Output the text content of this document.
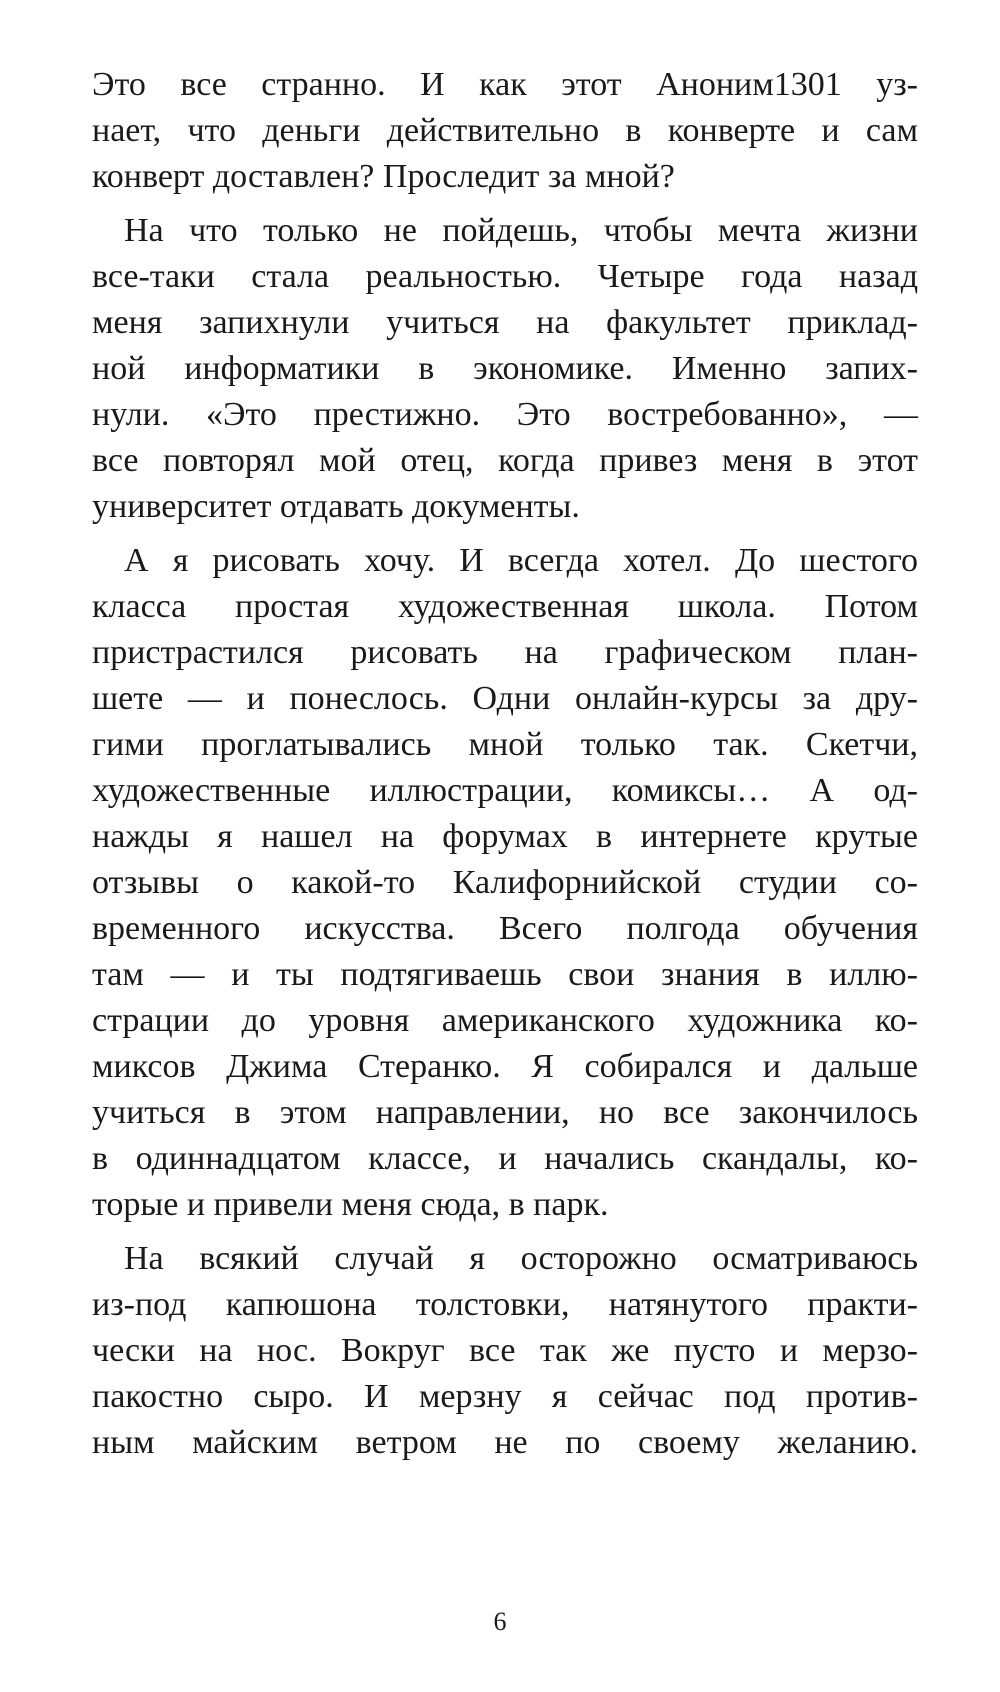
Это все странно. И как этот Аноним1301 уз-
нает, что деньги действительно в конверте и сам
конверт доставлен? Проследит за мной?
На что только не пойдешь, чтобы мечта жизни
все-таки стала реальностью. Четыре года назад
меня запихнули учиться на факультет приклад-
ной информатики в экономике. Именно запих-
нули. «Это престижно. Это востребованно», —
все повторял мой отец, когда привез меня в этот
университет отдавать документы.
А я рисовать хочу. И всегда хотел. До шестого
класса простая художественная школа. Потом
пристрастился рисовать на графическом план-
шете — и понеслось. Одни онлайн-курсы за дру-
гими проглатывались мной только так. Скетчи,
художественные иллюстрации, комиксы… А од-
нажды я нашел на форумах в интернете крутые
отзывы о какой-то Калифорнийской студии со-
временного искусства. Всего полгода обучения
там — и ты подтягиваешь свои знания в иллю-
страции до уровня американского художника ко-
миксов Джима Стеранко. Я собирался и дальше
учиться в этом направлении, но все закончилось
в одиннадцатом классе, и начались скандалы, ко-
торые и привели меня сюда, в парк.
На всякий случай я осторожно осматриваюсь
из-под капюшона толстовки, натянутого практи-
чески на нос. Вокруг все так же пусто и мерзо-
пакостно сыро. И мерзну я сейчас под против-
ным майским ветром не по своему желанию.
6
